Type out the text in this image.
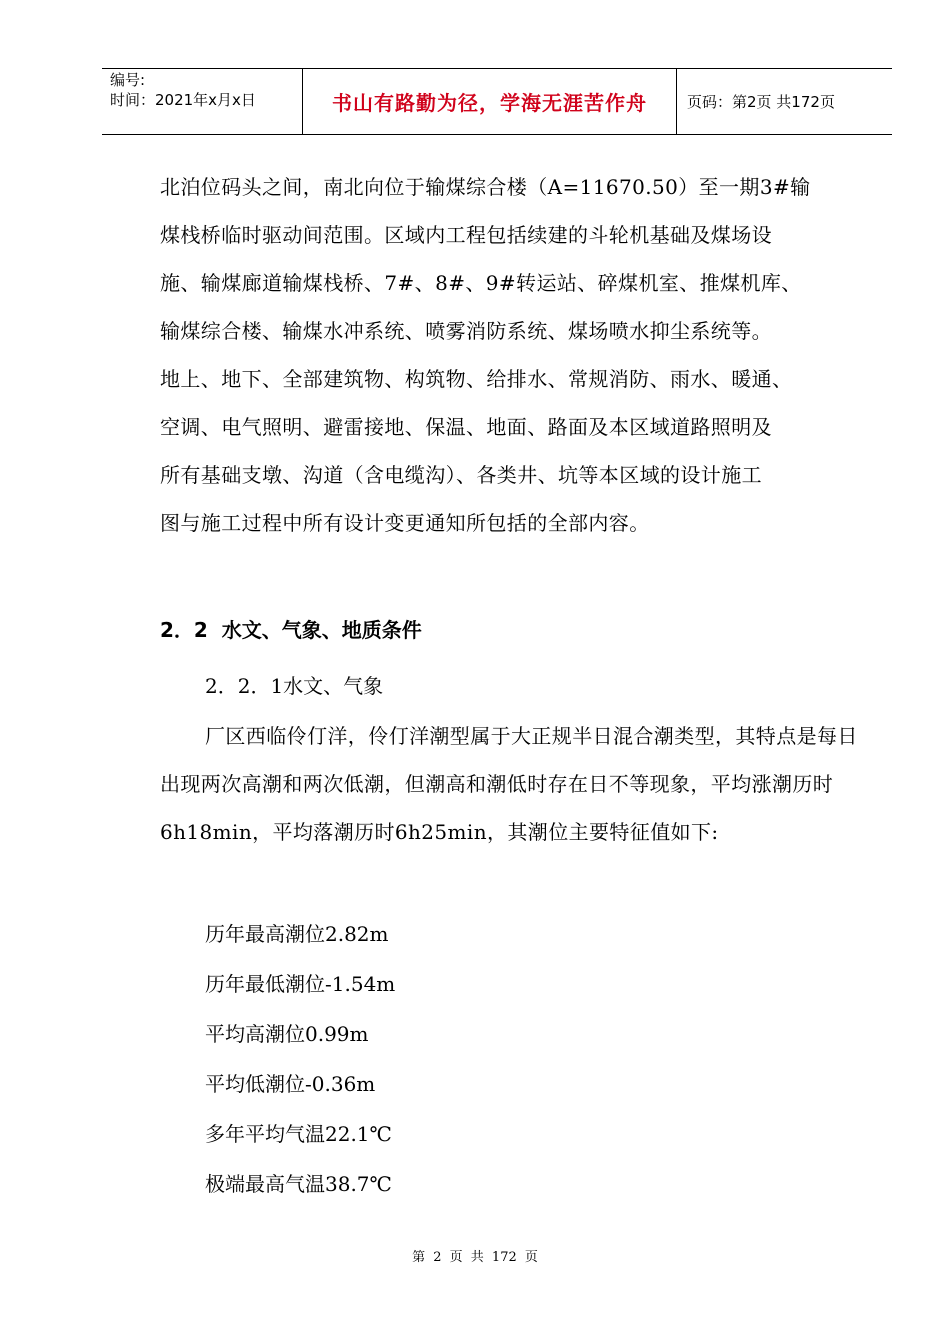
编号:
时间：2021年x月x日	书山有路勤为径，学海无涯苦作舟	页码：第2页 共172页

北泊位码头之间，南北向位于输煤综合楼（A=11670.50）至一期3#输

煤栈桥临时驱动间范围。区域内工程包括续建的斗轮机基础及煤场设

施、输煤廊道输煤栈桥、7#、8#、9#转运站、碎煤机室、推煤机库、

输煤综合楼、输煤水冲系统、喷雾消防系统、煤场喷水抑尘系统等。

地上、地下、全部建筑物、构筑物、给排水、常规消防、雨水、暖通、

空调、电气照明、避雷接地、保温、地面、路面及本区域道路照明及

所有基础支墩、沟道（含电缆沟）、各类井、坑等本区域的设计施工

图与施工过程中所有设计变更通知所包括的全部内容。

2．2  水文、气象、地质条件
2．2．1水文、气象

厂区西临伶仃洋，伶仃洋潮型属于大正规半日混合潮类型，其特点是每日出现两次高潮和两次低潮，但潮高和潮低时存在日不等现象，平均涨潮历时6h18min，平均落潮历时6h25min，其潮位主要特征值如下:

历年最高潮位2.82m
历年最低潮位-1.54m
平均高潮位0.99m
平均低潮位-0.36m
多年平均气温22.1℃
极端最高气温38.7℃
第 2 页 共 172 页
